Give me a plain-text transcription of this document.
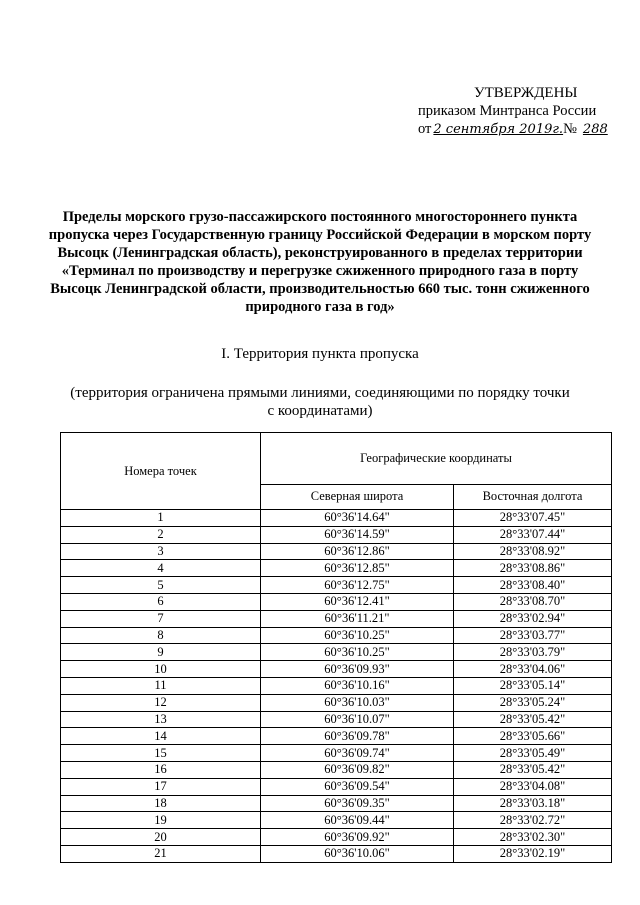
УТВЕРЖДЕНЫ
приказом Минтранса России
от 2 сентября 2019г. № 288
Пределы морского грузо-пассажирского постоянного многостороннего пункта пропуска через Государственную границу Российской Федерации в морском порту Высоцк (Ленинградская область), реконструированного в пределах территории «Терминал по производству и перегрузке сжиженного природного газа в порту Высоцк Ленинградской области, производительностью 660 тыс. тонн сжиженного природного газа в год»
I. Территория пункта пропуска
(территория ограничена прямыми линиями, соединяющими по порядку точки с координатами)
Номера точек	Географические координаты	
	Северная широта	Восточная долгота
1	60°36'14.64"	28°33'07.45"
2	60°36'14.59"	28°33'07.44"
3	60°36'12.86"	28°33'08.92"
4	60°36'12.85"	28°33'08.86"
5	60°36'12.75"	28°33'08.40"
6	60°36'12.41"	28°33'08.70"
7	60°36'11.21"	28°33'02.94"
8	60°36'10.25"	28°33'03.77"
9	60°36'10.25"	28°33'03.79"
10	60°36'09.93"	28°33'04.06"
11	60°36'10.16"	28°33'05.14"
12	60°36'10.03"	28°33'05.24"
13	60°36'10.07"	28°33'05.42"
14	60°36'09.78"	28°33'05.66"
15	60°36'09.74"	28°33'05.49"
16	60°36'09.82"	28°33'05.42"
17	60°36'09.54"	28°33'04.08"
18	60°36'09.35"	28°33'03.18"
19	60°36'09.44"	28°33'02.72"
20	60°36'09.92"	28°33'02.30"
21	60°36'10.06"	28°33'02.19"
